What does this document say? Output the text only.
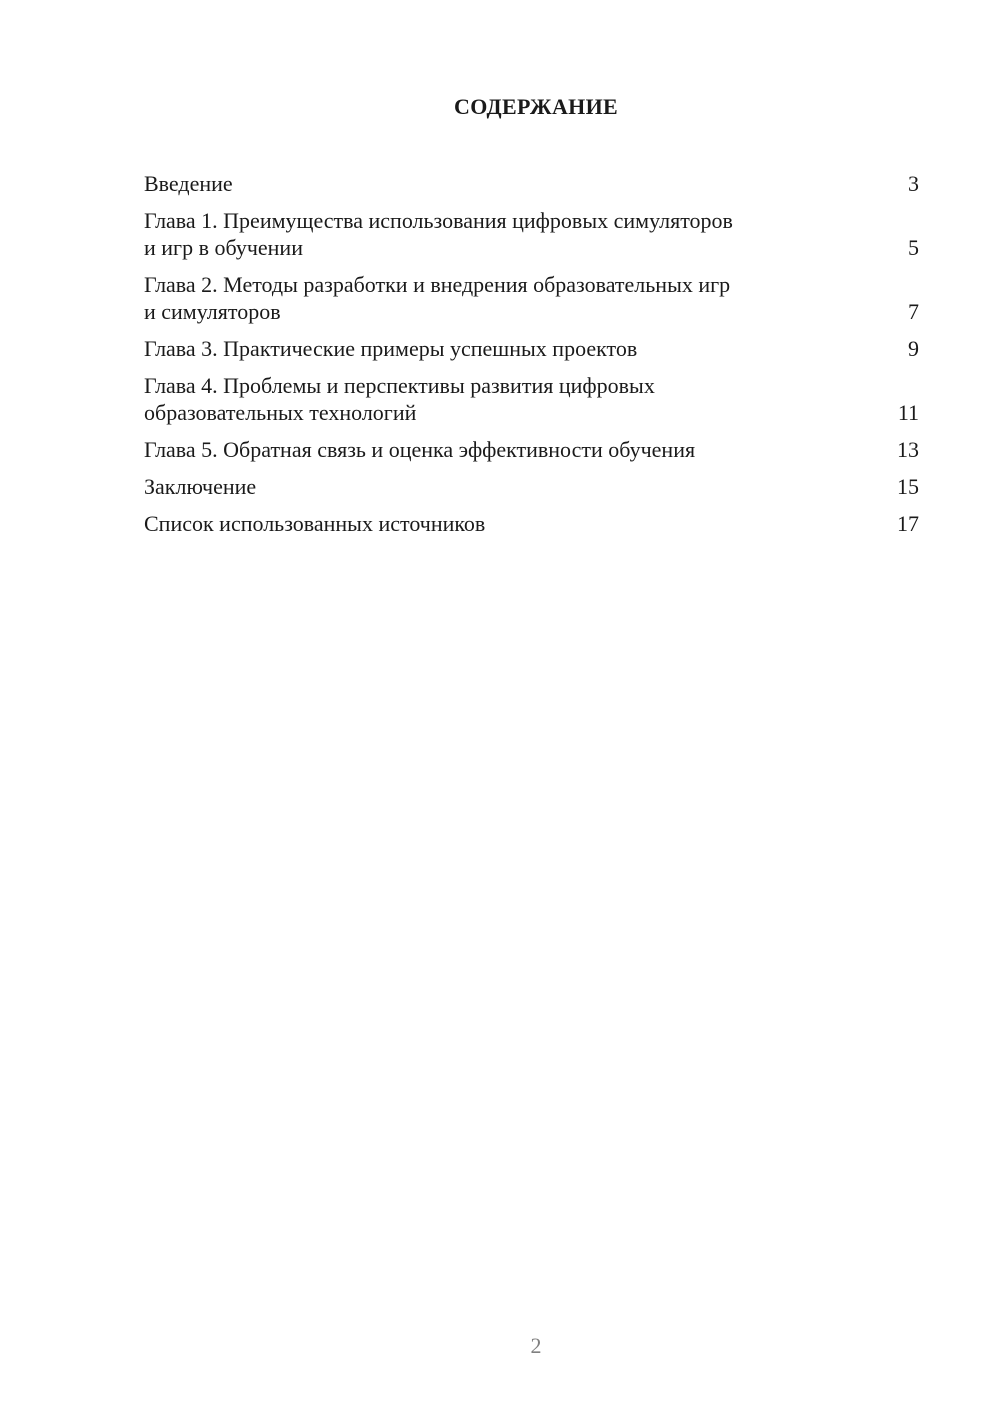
СОДЕРЖАНИЕ
Введение	3
Глава 1. Преимущества использования цифровых симуляторов
и игр в обучении	5
Глава 2. Методы разработки и внедрения образовательных игр
и симуляторов	7
Глава 3. Практические примеры успешных проектов	9
Глава 4. Проблемы и перспективы развития цифровых
образовательных технологий	11
Глава 5. Обратная связь и оценка эффективности обучения	13
Заключение	15
Список использованных источников	17
2
